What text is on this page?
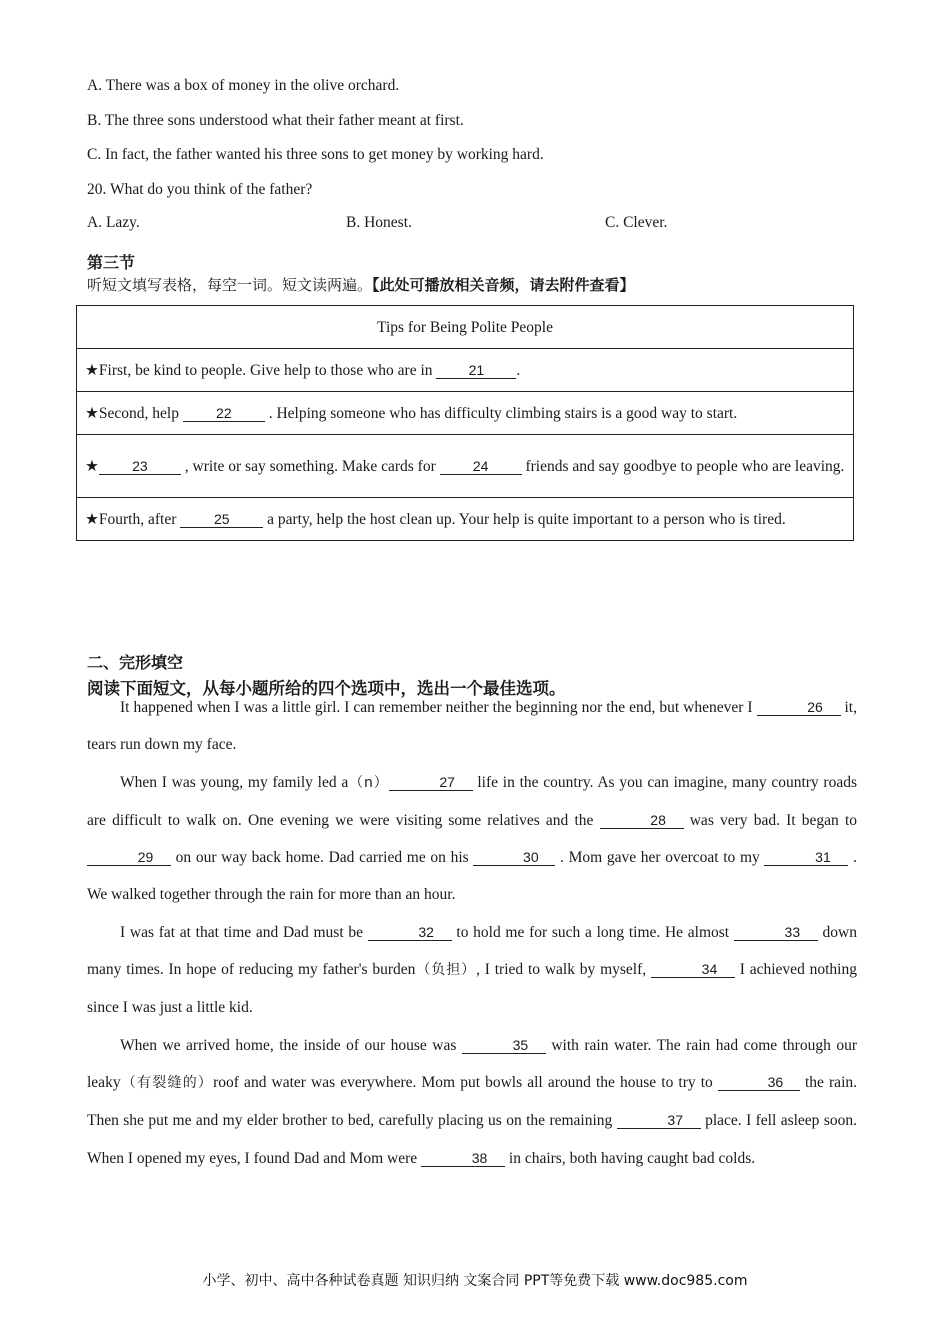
A. There was a box of money in the olive orchard.
B. The three sons understood what their father meant at first.
C. In fact, the father wanted his three sons to get money by working hard.
20. What do you think of the father?
A. Lazy.	B. Honest.	C. Clever.
第三节
听短文填写表格，每空一词。短文读两遍。【此处可播放相关音频，请去附件查看】
Tips for Being Polite People
★First, be kind to people. Give help to those who are in 21 .
★Second, help 22 . Helping someone who has difficulty climbing stairs is a good way to start.
★ 23 , write or say something. Make cards for 24 friends and say goodbye to people who are leaving.
★Fourth, after 25 a party, help the host clean up. Your help is quite important to a person who is tired.
二、完形填空
阅读下面短文，从每小题所给的四个选项中，选出一个最佳选项。

It happened when I was a little girl. I can remember neither the beginning nor the end, but whenever I	26 it, tears run down my face.

When I was young, my family led a（n）	27 life in the country. As you can imagine, many country roads are difficult to walk on. One evening we were visiting some relatives and the	28 was very bad. It began to 29 on our way back home. Dad carried me on his	30 . Mom gave her overcoat to my	31 . We walked together through the rain for more than an hour.

I was fat at that time and Dad must be	32 to hold me for such a long time. He almost	33 down many times. In hope of reducing my father's burden（负担）, I tried to walk by myself,	34 I achieved nothing since I was just a little kid.

When we arrived home, the inside of our house was	35 with rain water. The rain had come through our leaky（有裂缝的）roof and water was everywhere. Mom put bowls all around the house to try to	36 the rain. Then she put me and my elder brother to bed, carefully placing us on the remaining	37 place. I fell asleep soon. When I opened my eyes, I found Dad and Mom were	38 in chairs, both having caught bad colds.

小学、初中、高中各种试卷真题 知识归纳 文案合同 PPT等免费下载 www.doc985.com
